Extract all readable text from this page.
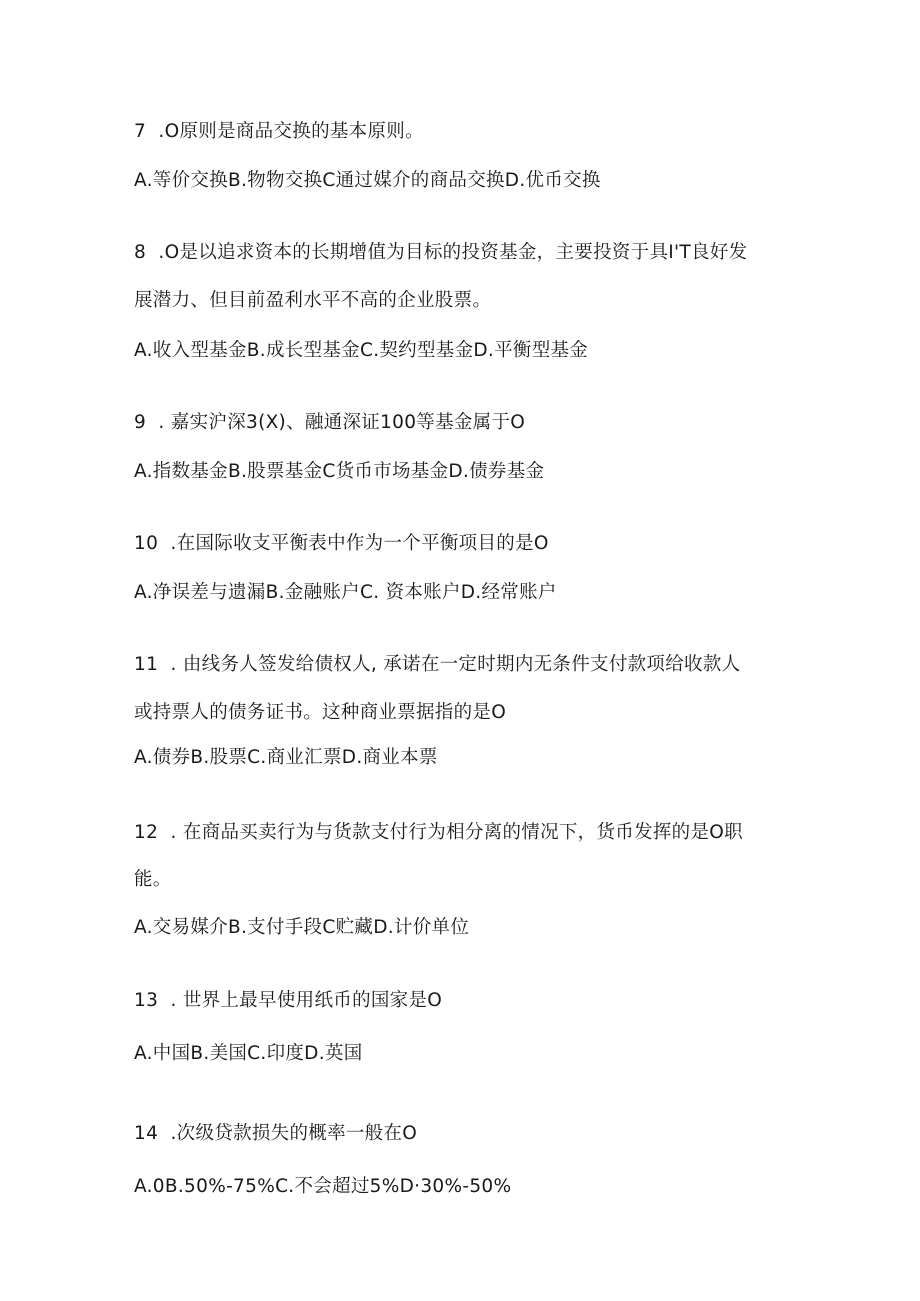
7  .O原则是商品交换的基本原则。
A.等价交换B.物物交换C通过媒介的商品交换D.优币交换
8  .O是以追求资本的长期增值为目标的投资基金，主要投资于具I'T良好发
展潜力、但目前盈利水平不高的企业股票。
A.收入型基金B.成长型基金C.契约型基金D.平衡型基金
9  . 嘉实沪深3(X)、融通深证100等基金属于O
A.指数基金B.股票基金C货币市场基金D.债券基金
10  .在国际收支平衡表中作为一个平衡项目的是O
A.净误差与遗漏B.金融账户C. 资本账户D.经常账户
11  . 由线务人签发给债权人, 承诺在一定时期内无条件支付款项给收款人
或持票人的债务证书。这种商业票据指的是O
A.债券B.股票C.商业汇票D.商业本票
12  . 在商品买卖行为与货款支付行为相分离的情况下，货币发挥的是O职
能。
A.交易媒介B.支付手段C贮藏D.计价单位
13  . 世界上最早使用纸币的国家是O
A.中国B.美国C.印度D.英国
14  .次级贷款损失的概率一般在O
A.0B.50%-75%C.不会超过5%D·30%-50%
